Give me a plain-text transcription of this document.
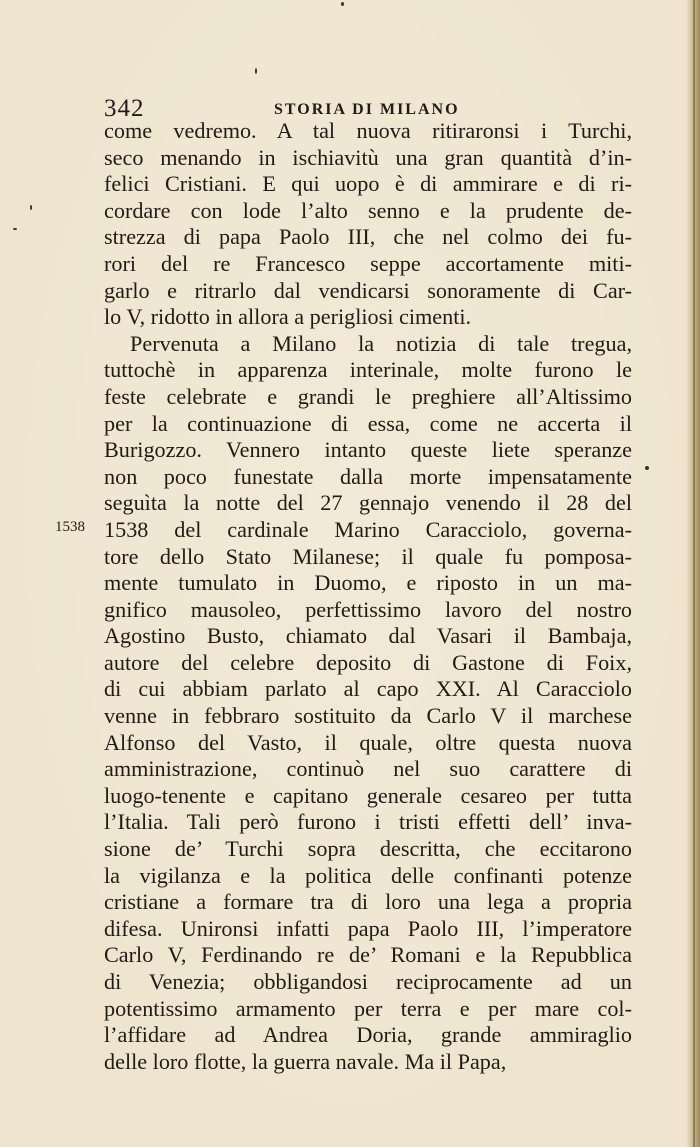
342	STORIA DI MILANO
1538
come vedremo. A tal nuova ritiraronsi i Turchi,
seco menando in ischiavitù una gran quantità d’in-
felici Cristiani. E qui uopo è di ammirare e di ri-
cordare con lode l’alto senno e la prudente de-
strezza di papa Paolo III, che nel colmo dei fu-
rori del re Francesco seppe accortamente miti-
garlo e ritrarlo dal vendicarsi sonoramente di Car-
lo V, ridotto in allora a perigliosi cimenti.
Pervenuta a Milano la notizia di tale tregua,
tuttochè in apparenza interinale, molte furono le
feste celebrate e grandi le preghiere all’Altissimo
per la continuazione di essa, come ne accerta il
Burigozzo. Vennero intanto queste liete speranze
non poco funestate dalla morte impensatamente
seguìta la notte del 27 gennajo venendo il 28 del
1538 del cardinale Marino Caracciolo, governa-
tore dello Stato Milanese; il quale fu pomposa-
mente tumulato in Duomo, e riposto in un ma-
gnifico mausoleo, perfettissimo lavoro del nostro
Agostino Busto, chiamato dal Vasari il Bambaja,
autore del celebre deposito di Gastone di Foix,
di cui abbiam parlato al capo XXI. Al Caracciolo
venne in febbraro sostituito da Carlo V il marchese
Alfonso del Vasto, il quale, oltre questa nuova
amministrazione, continuò nel suo carattere di
luogo-tenente e capitano generale cesareo per tutta
l’Italia. Tali però furono i tristi effetti dell’ inva-
sione de’ Turchi sopra descritta, che eccitarono
la vigilanza e la politica delle confinanti potenze
cristiane a formare tra di loro una lega a propria
difesa. Unironsi infatti papa Paolo III, l’imperatore
Carlo V, Ferdinando re de’ Romani e la Repubblica
di Venezia; obbligandosi reciprocamente ad un
potentissimo armamento per terra e per mare col-
l’affidare ad Andrea Doria, grande ammiraglio
delle loro flotte, la guerra navale. Ma il Papa,
